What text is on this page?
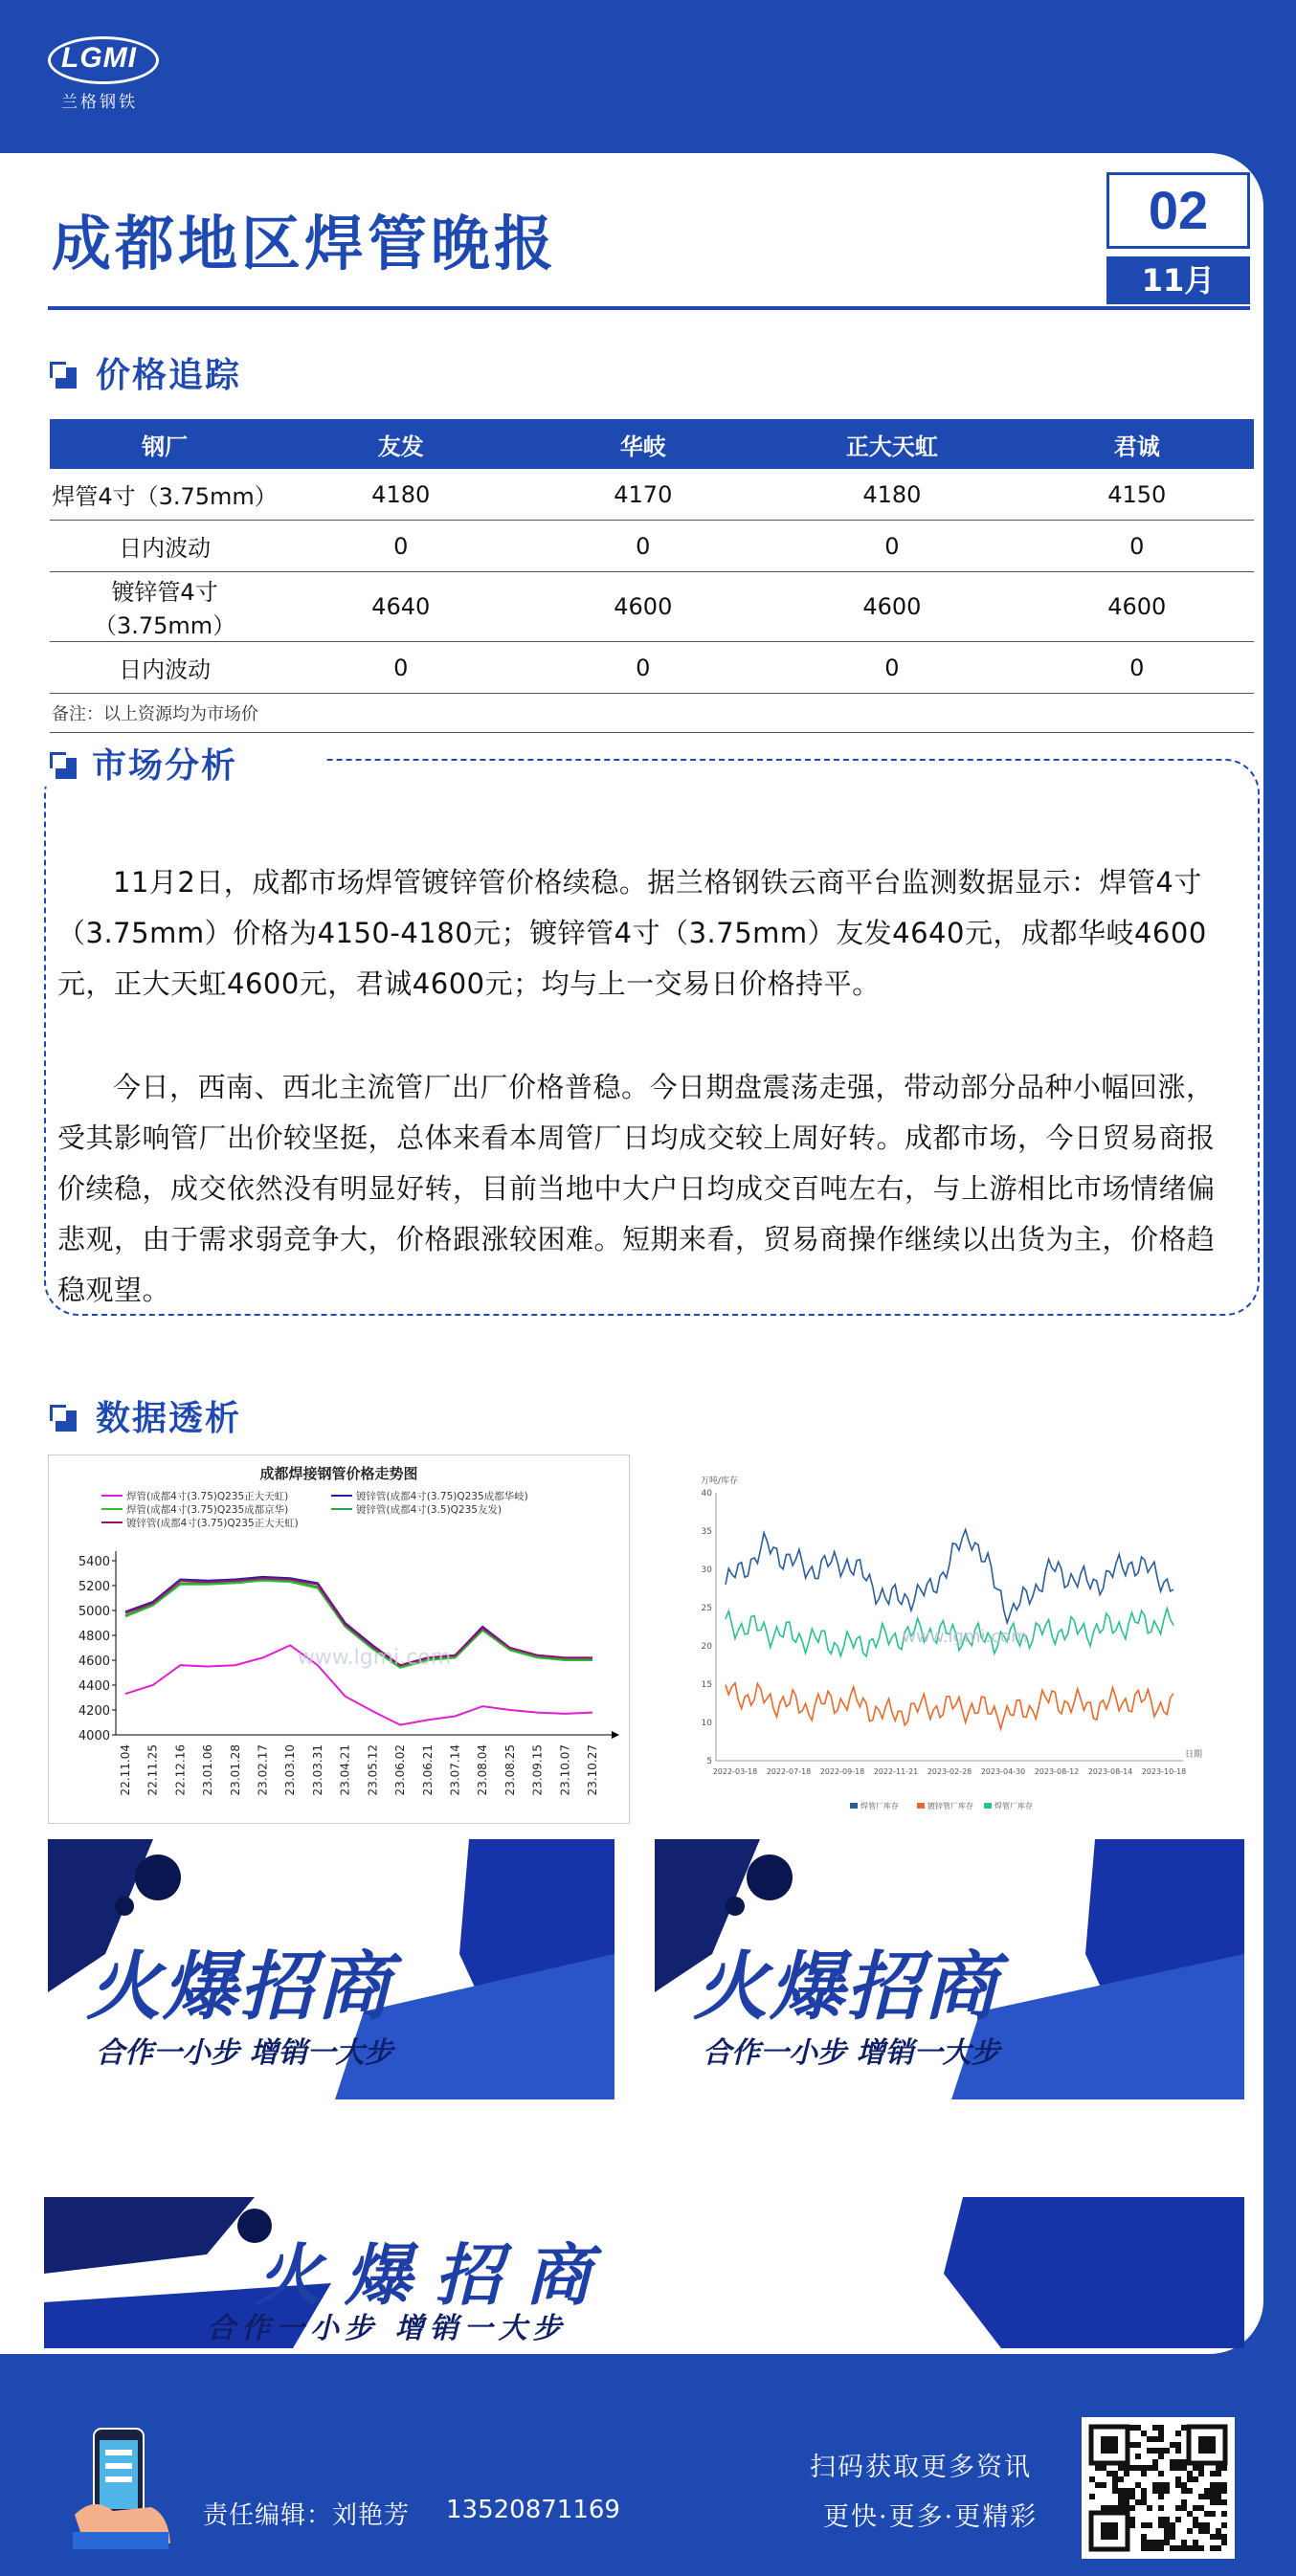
LGMI
兰格钢铁
成都地区焊管晚报	02
11月
价格追踪
钢厂	友发	华岐	正大天虹	君诚
焊管4寸（3.75mm）	4180	4170	4180	4150
日内波动	0	0	0	0
镀锌管4寸（3.75mm）	4640	4600	4600	4600
日内波动	0	0	0	0
备注：以上资源均为市场价				
市场分析
11月2日，成都市场焊管镀锌管价格续稳。据兰格钢铁云商平台监测数据显示：焊管4寸（3.75mm）价格为4150-4180元；镀锌管4寸（3.75mm）友发4640元，成都华岐4600元，正大天虹4600元，君诚4600元；均与上一交易日价格持平。
今日，西南、西北主流管厂出厂价格普稳。今日期盘震荡走强，带动部分品种小幅回涨，受其影响管厂出价较坚挺，总体来看本周管厂日均成交较上周好转。成都市场，今日贸易商报价续稳，成交依然没有明显好转，目前当地中大户日均成交百吨左右，与上游相比市场情绪偏悲观，由于需求弱竞争大，价格跟涨较困难。短期来看，贸易商操作继续以出货为主，价格趋稳观望。
数据透析
成都焊接钢管价格走势图
焊管(成都4寸(3.75)Q235正大天虹)	镀锌管(成都4寸(3.75)Q235成都华岐)
焊管(成都4寸(3.75)Q235成都京华)	镀锌管(成都4寸(3.5)Q235友发)
镀锌管(成都4寸(3.75)Q235正大天虹)
4000
4200
4400
4600
4800
5000
5200
5400
22.11.04 22.11.25 22.12.16 23.01.06 23.01.28 23.02.17 23.03.10 23.03.31 23.04.21 23.05.12 23.06.02 23.06.21 23.07.14 23.08.04 23.08.25 23.09.15 23.10.07 23.10.27
www.lgmi.com
万吨/库存
日期
5
10
15
20
25
30
35
40
2022-03-18 2022-07-18 2022-09-18 2022-11-21 2023-02-28 2023-04-30 2023-08-12 2023-08-14 2023-10-18
焊管厂库存	镀锌管厂库存	焊管厂库存
www.lgmi.com
火爆招商
合作一小步 增销一大步
火爆招商
合作一小步 增销一大步
火爆招商
合作一小步 增销一大步
责任编辑：刘艳芳 13520871169
扫码获取更多资讯
更快·更多·更精彩
